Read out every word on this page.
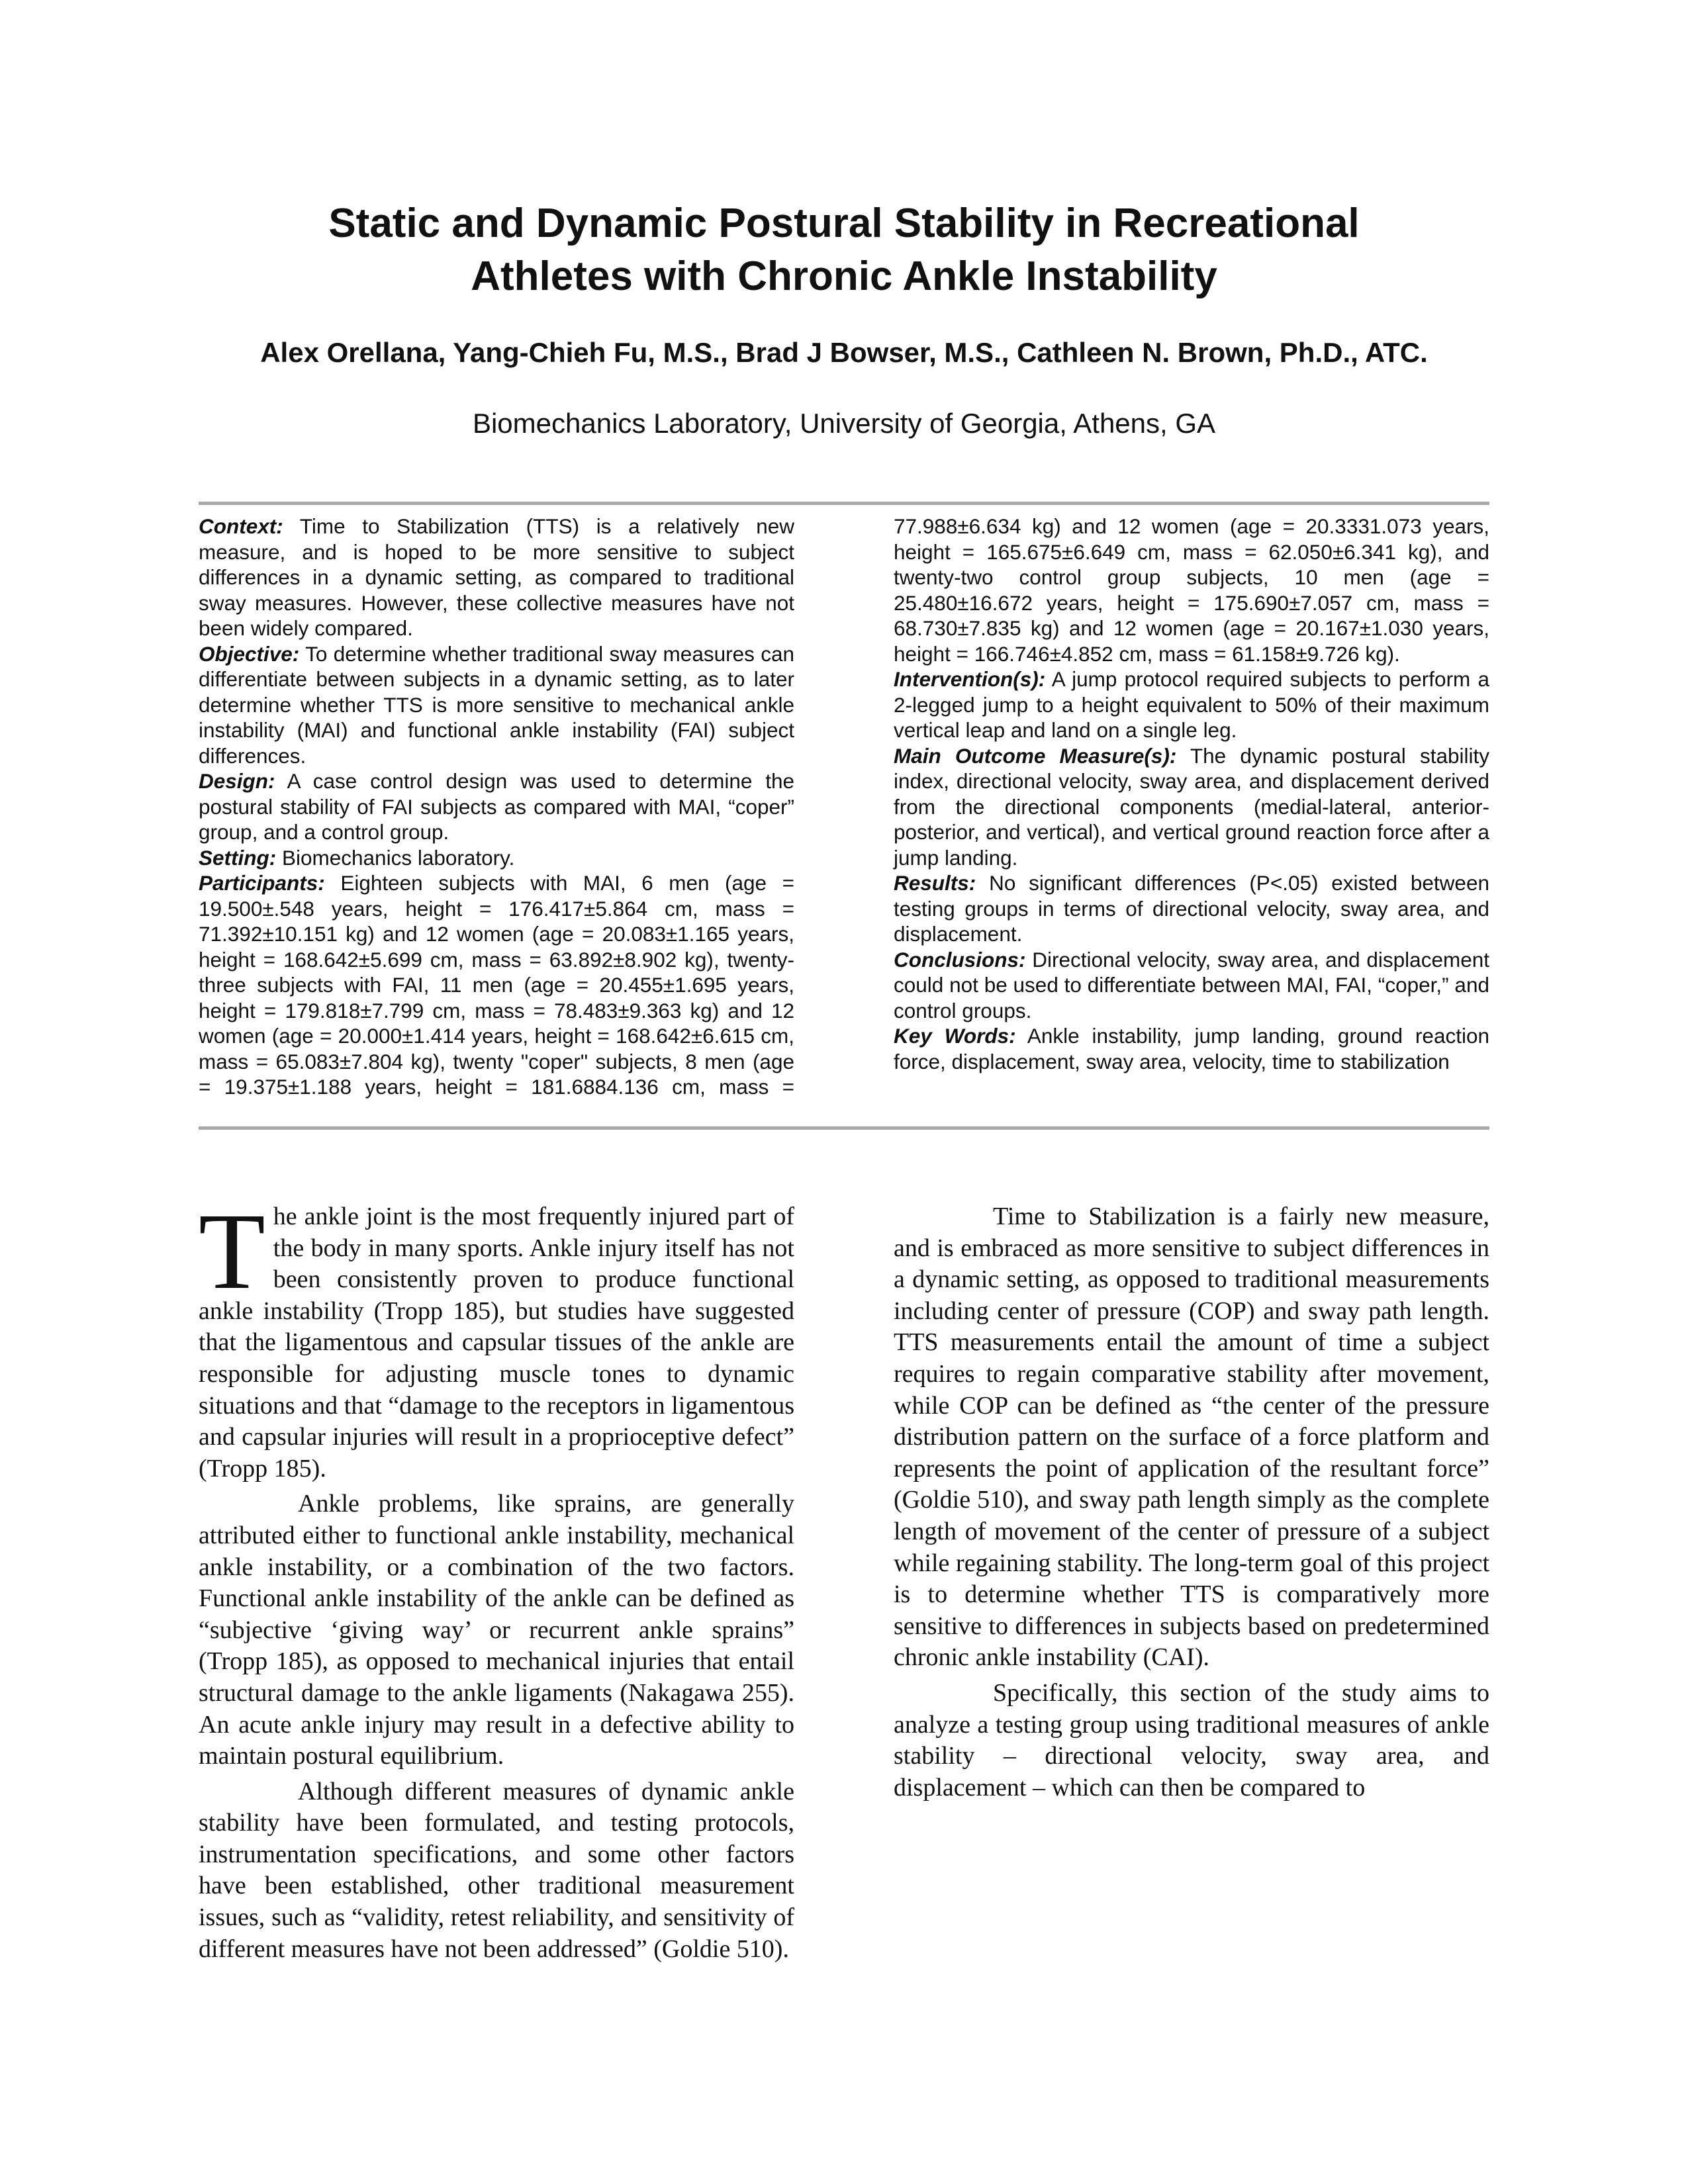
Static and Dynamic Postural Stability in Recreational
Athletes with Chronic Ankle Instability

Alex Orellana, Yang-Chieh Fu, M.S., Brad J Bowser, M.S., Cathleen N. Brown, Ph.D., ATC.

Biomechanics Laboratory, University of Georgia, Athens, GA

Context: Time to Stabilization (TTS) is a relatively new measure, and is hoped to be more sensitive to subject differences in a dynamic setting, as compared to traditional sway measures. However, these collective measures have not been widely compared.

Objective: To determine whether traditional sway measures can differentiate between subjects in a dynamic setting, as to later determine whether TTS is more sensitive to mechanical ankle instability (MAI) and functional ankle instability (FAI) subject differences.

Design: A case control design was used to determine the postural stability of FAI subjects as compared with MAI, “coper” group, and a control group.

Setting: Biomechanics laboratory.

Participants: Eighteen subjects with MAI, 6 men (age = 19.500±.548 years, height = 176.417±5.864 cm, mass = 71.392±10.151 kg) and 12 women (age = 20.083±1.165 years, height = 168.642±5.699 cm, mass = 63.892±8.902 kg), twenty-three subjects with FAI, 11 men (age = 20.455±1.695 years, height = 179.818±7.799 cm, mass = 78.483±9.363 kg) and 12 women (age = 20.000±1.414 years, height = 168.642±6.615 cm, mass = 65.083±7.804 kg), twenty "coper" subjects, 8 men (age = 19.375±1.188 years, height = 181.6884.136 cm, mass = 77.988±6.634 kg) and 12 women (age = 20.3331.073 years, height = 165.675±6.649 cm, mass = 62.050±6.341 kg), and twenty-two control group subjects, 10 men (age = 25.480±16.672 years, height = 175.690±7.057 cm, mass = 68.730±7.835 kg) and 12 women (age = 20.167±1.030 years, height = 166.746±4.852 cm, mass = 61.158±9.726 kg).

Intervention(s): A jump protocol required subjects to perform a 2-legged jump to a height equivalent to 50% of their maximum vertical leap and land on a single leg.

Main Outcome Measure(s): The dynamic postural stability index, directional velocity, sway area, and displacement derived from the directional components (medial-lateral, anterior-posterior, and vertical), and vertical ground reaction force after a jump landing.

Results: No significant differences (P<.05) existed between testing groups in terms of directional velocity, sway area, and displacement.

Conclusions: Directional velocity, sway area, and displacement could not be used to differentiate between MAI, FAI, “coper,” and control groups.

Key Words: Ankle instability, jump landing, ground reaction force, displacement, sway area, velocity, time to stabilization

The ankle joint is the most frequently injured part of the body in many sports. Ankle injury itself has not been consistently proven to produce functional ankle instability (Tropp 185), but studies have suggested that the ligamentous and capsular tissues of the ankle are responsible for adjusting muscle tones to dynamic situations and that “damage to the receptors in ligamentous and capsular injuries will result in a proprioceptive defect” (Tropp 185).

Ankle problems, like sprains, are generally attributed either to functional ankle instability, mechanical ankle instability, or a combination of the two factors. Functional ankle instability of the ankle can be defined as “subjective ‘giving way’ or recurrent ankle sprains” (Tropp 185), as opposed to mechanical injuries that entail structural damage to the ankle ligaments (Nakagawa 255). An acute ankle injury may result in a defective ability to maintain postural equilibrium.

Although different measures of dynamic ankle stability have been formulated, and testing protocols, instrumentation specifications, and some other factors have been established, other traditional measurement issues, such as “validity, retest reliability, and sensitivity of different measures have not been addressed” (Goldie 510).

Time to Stabilization is a fairly new measure, and is embraced as more sensitive to subject differences in a dynamic setting, as opposed to traditional measurements including center of pressure (COP) and sway path length. TTS measurements entail the amount of time a subject requires to regain comparative stability after movement, while COP can be defined as “the center of the pressure distribution pattern on the surface of a force platform and represents the point of application of the resultant force” (Goldie 510), and sway path length simply as the complete length of movement of the center of pressure of a subject while regaining stability. The long-term goal of this project is to determine whether TTS is comparatively more sensitive to differences in subjects based on predetermined chronic ankle instability (CAI).

Specifically, this section of the study aims to analyze a testing group using traditional measures of ankle stability – directional velocity, sway area, and displacement – which can then be compared to
